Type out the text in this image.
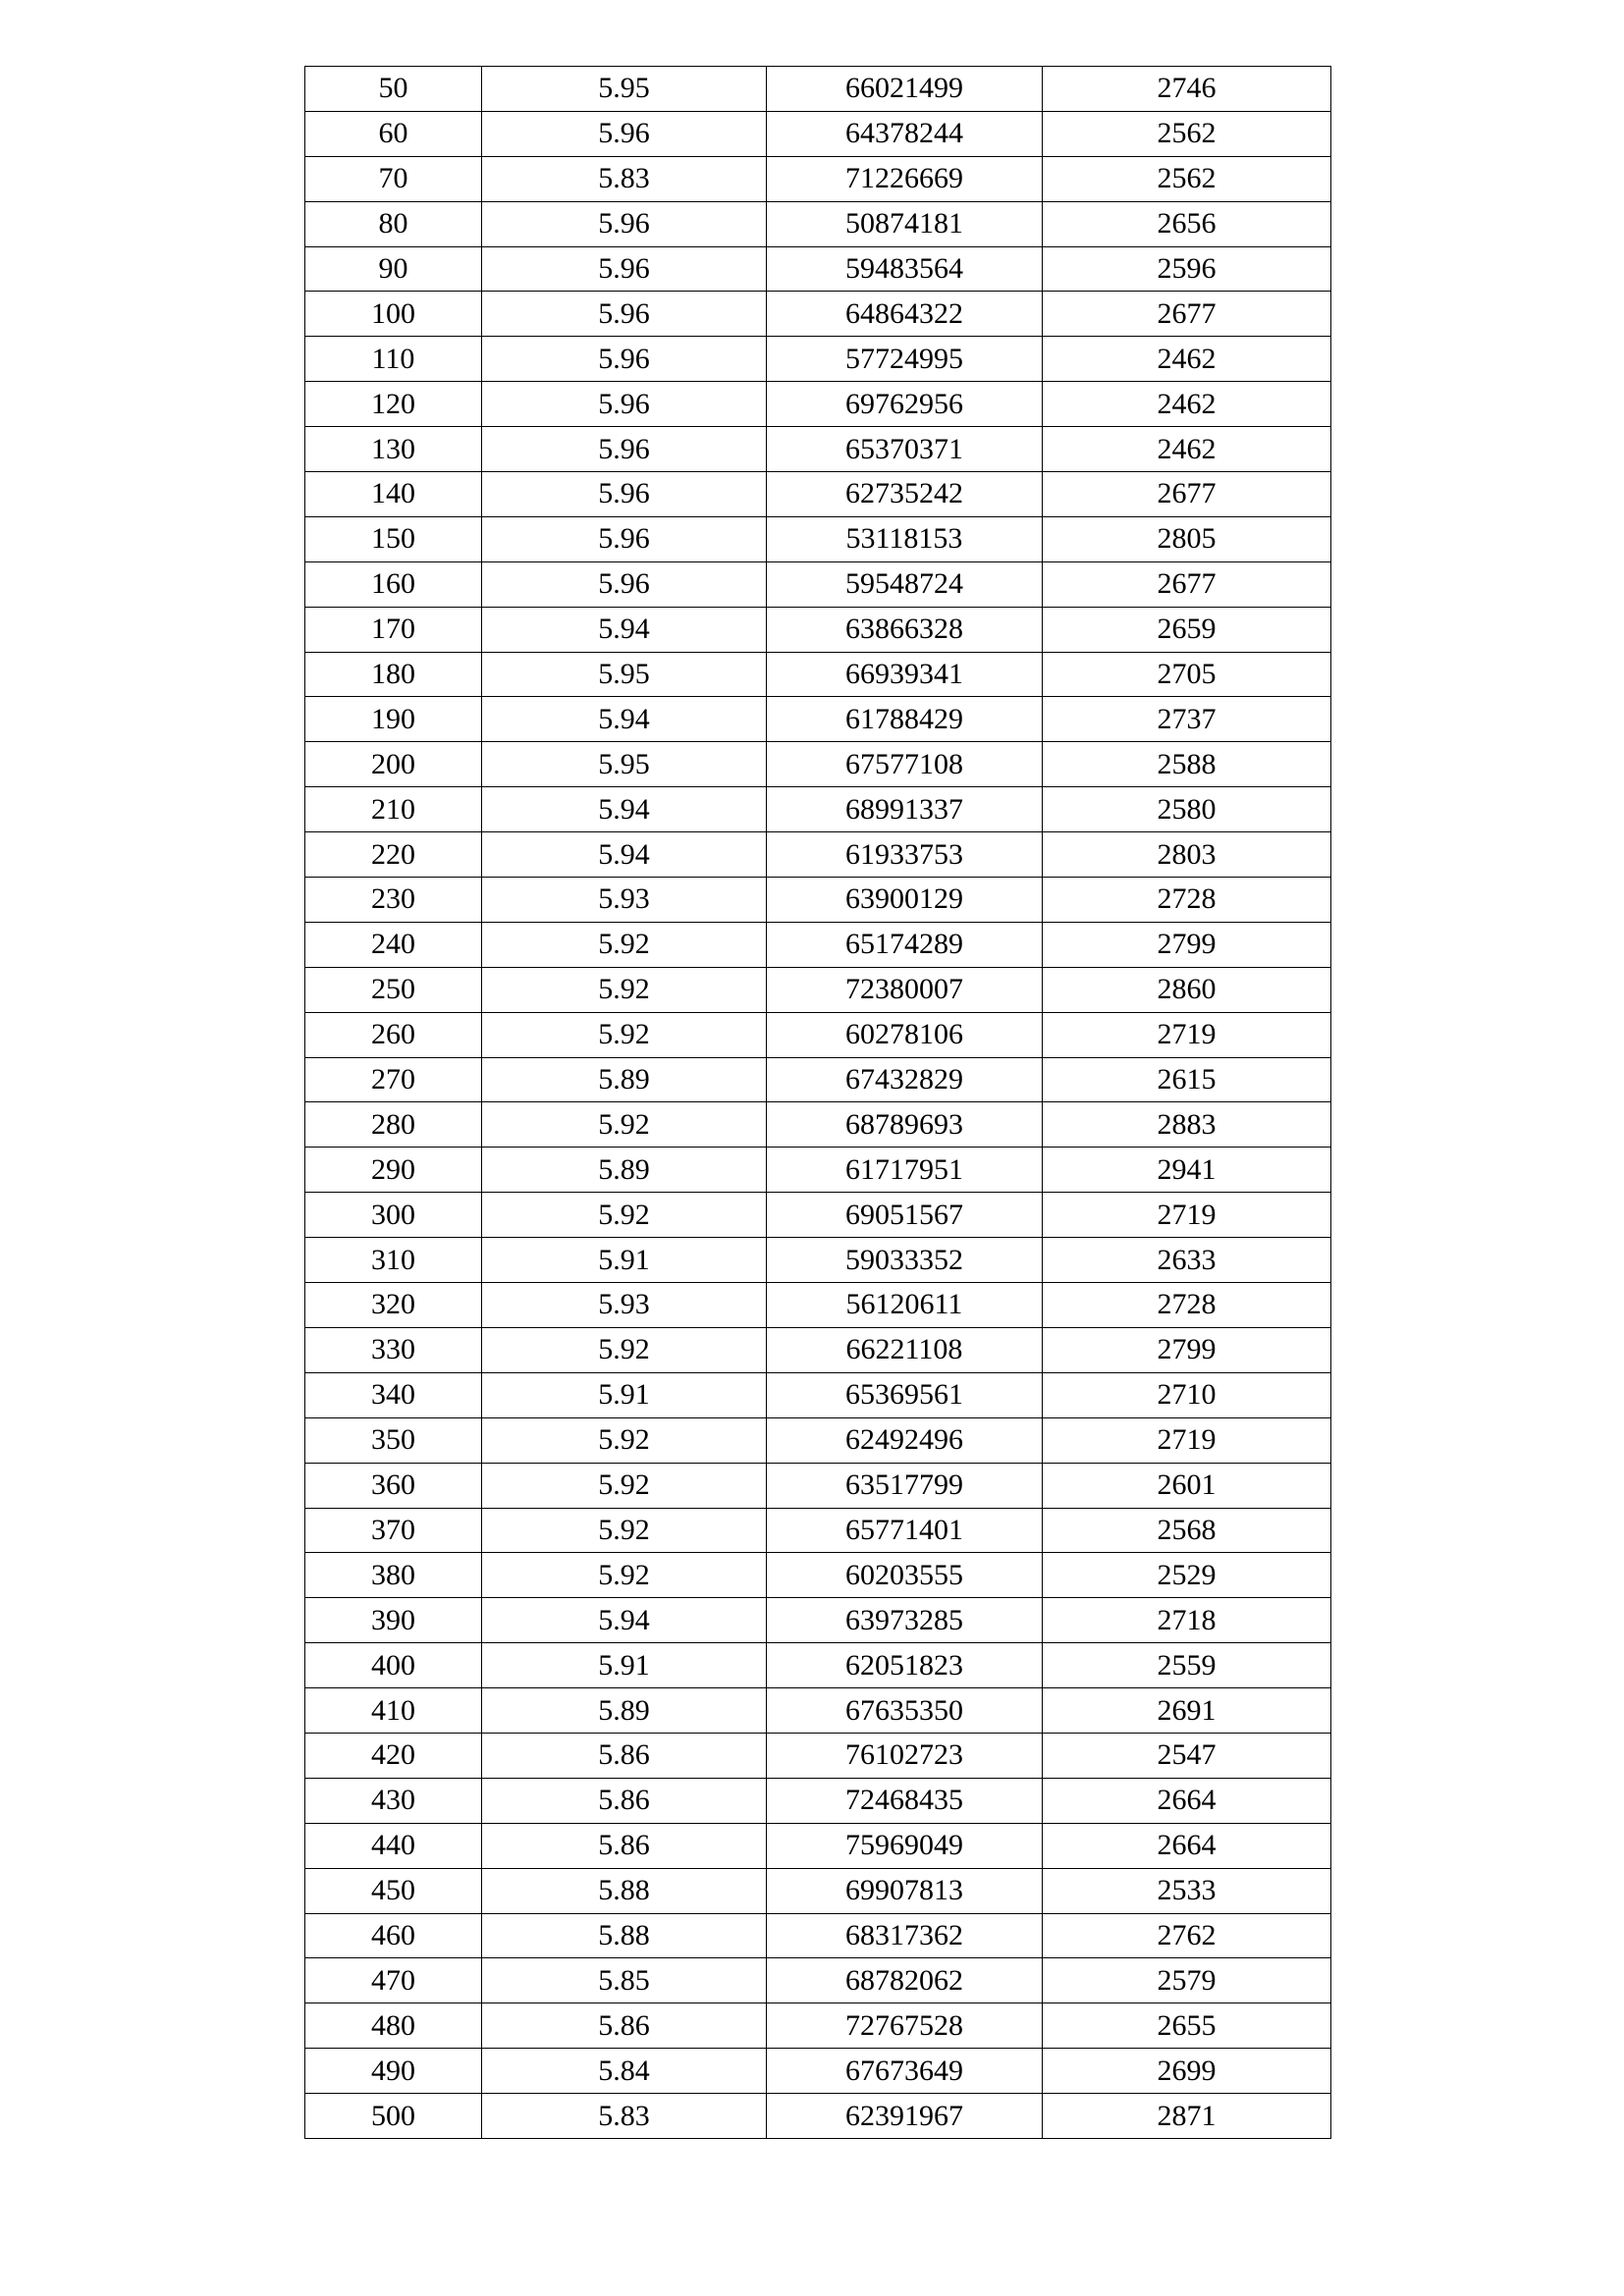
50	5.95	66021499	2746
60	5.96	64378244	2562
70	5.83	71226669	2562
80	5.96	50874181	2656
90	5.96	59483564	2596
100	5.96	64864322	2677
110	5.96	57724995	2462
120	5.96	69762956	2462
130	5.96	65370371	2462
140	5.96	62735242	2677
150	5.96	53118153	2805
160	5.96	59548724	2677
170	5.94	63866328	2659
180	5.95	66939341	2705
190	5.94	61788429	2737
200	5.95	67577108	2588
210	5.94	68991337	2580
220	5.94	61933753	2803
230	5.93	63900129	2728
240	5.92	65174289	2799
250	5.92	72380007	2860
260	5.92	60278106	2719
270	5.89	67432829	2615
280	5.92	68789693	2883
290	5.89	61717951	2941
300	5.92	69051567	2719
310	5.91	59033352	2633
320	5.93	56120611	2728
330	5.92	66221108	2799
340	5.91	65369561	2710
350	5.92	62492496	2719
360	5.92	63517799	2601
370	5.92	65771401	2568
380	5.92	60203555	2529
390	5.94	63973285	2718
400	5.91	62051823	2559
410	5.89	67635350	2691
420	5.86	76102723	2547
430	5.86	72468435	2664
440	5.86	75969049	2664
450	5.88	69907813	2533
460	5.88	68317362	2762
470	5.85	68782062	2579
480	5.86	72767528	2655
490	5.84	67673649	2699
500	5.83	62391967	2871
